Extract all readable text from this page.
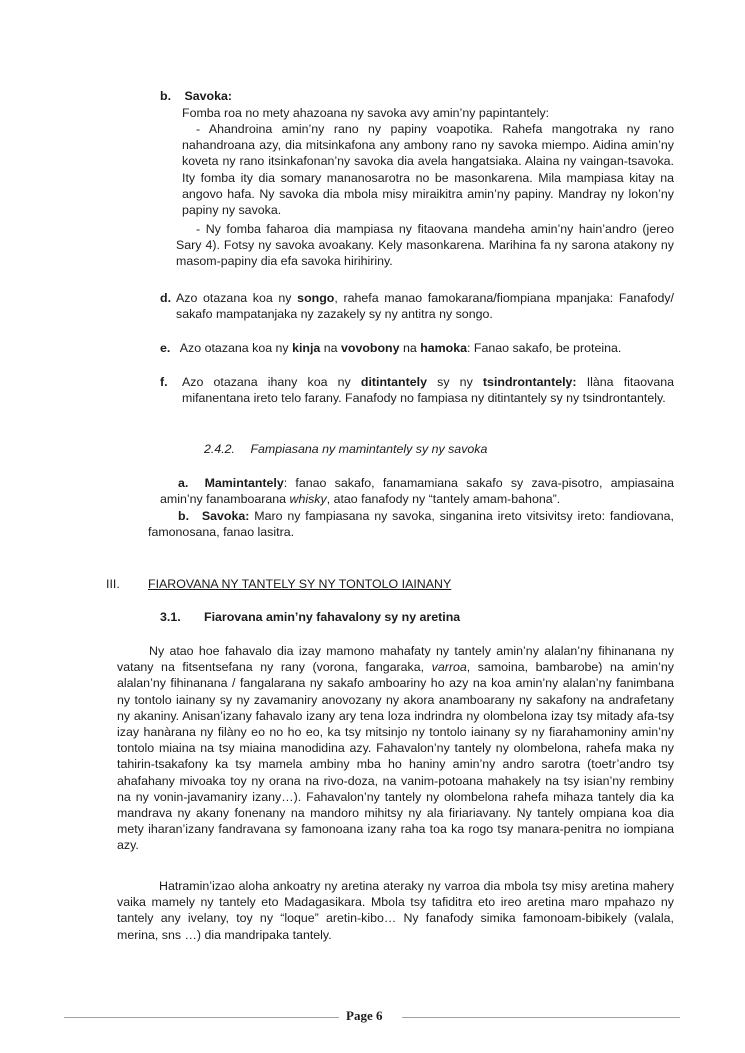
b. Savoka:
Fomba roa no mety ahazoana ny savoka avy amin’ny papintantely:
- Ahandroina amin’ny rano ny papiny voapotika. Rahefa mangotraka ny rano nahandroana azy, dia mitsinkafona any ambony rano ny savoka miempo. Aidina amin’ny koveta ny rano itsinkafonan’ny savoka dia avela hangatsiaka. Alaina ny vaingan-tsavoka. Ity fomba ity dia somary mananosarotra no be masonkarena. Mila mampiasa kitay na angovo hafa. Ny savoka dia mbola misy miraikitra amin’ny papiny. Mandray ny lokon’ny papiny ny savoka.
- Ny fomba faharoa dia mampiasa ny fitaovana mandeha amin’ny hain’andro (jereo Sary 4). Fotsy ny savoka avoakany. Kely masonkarena. Marihina fa ny sarona atakony ny masom-papiny dia efa savoka hirihiriny.
d. Azo otazana koa ny songo, rahefa manao famokarana/fiompiana mpanjaka: Fanafody/ sakafo mampatanjaka ny zazakely sy ny antitra ny songo.
e. Azo otazana koa ny kinja na vovobony na hamoka: Fanao sakafo, be proteina.
f.	Azo otazana ihany koa ny ditintantely sy ny tsindrontantely: Ilàna fitaovana mifanentana ireto telo farany. Fanafody no fampiasa ny ditintantely sy ny tsindrontantely.
2.4.2. Fampiasana ny mamintantely sy ny savoka
a. Mamintantely: fanao sakafo, fanamamiana sakafo sy zava-pisotro, ampiasaina amin’ny fanamboarana whisky, atao fanafody ny “tantely amam-bahona”.
b. Savoka: Maro ny fampiasana ny savoka, singanina ireto vitsivitsy ireto: fandiovana, famonosana, fanao lasitra.
III.	FIAROVANA NY TANTELY SY NY TONTOLO IAINANY
3.1.	Fiarovana amin’ny fahavalony sy ny aretina
Ny atao hoe fahavalo dia izay mamono mahafaty ny tantely amin’ny alalan’ny fihinanana ny vatany na fitsentsefana ny rany (vorona, fangaraka, varroa, samoina, bambarobe) na amin’ny alalan’ny fihinanana / fangalarana ny sakafo amboariny ho azy na koa amin’ny alalan’ny fanimbana ny tontolo iainany sy ny zavamaniry anovozany ny akora anamboarany ny sakafony na andrafetany ny akaniny. Anisan’izany fahavalo izany ary tena loza indrindra ny olombelona izay tsy mitady afa-tsy izay hanàrana ny filàny eo no ho eo, ka tsy mitsinjo ny tontolo iainany sy ny fiarahamoniny amin’ny tontolo miaina na tsy miaina manodidina azy. Fahavalon’ny tantely ny olombelona, rahefa maka ny tahirin-tsakafony ka tsy mamela ambiny mba ho haniny amin’ny andro sarotra (toetr’andro tsy ahafahany mivoaka toy ny orana na rivo-doza, na vanim-potoana mahakely na tsy isian’ny rembiny na ny vonin-javamaniry izany…). Fahavalon’ny tantely ny olombelona rahefa mihaza tantely dia ka mandrava ny akany fonenany na mandoro mihitsy ny ala firiariavany. Ny tantely ompiana koa dia mety iharan’izany fandravana sy famonoana izany raha toa ka rogo tsy manara-penitra no iompiana azy.
Hatramin’izao aloha ankoatry ny aretina ateraky ny varroa dia mbola tsy misy aretina mahery vaika mamely ny tantely eto Madagasikara. Mbola tsy tafiditra eto ireo aretina maro mpahazo ny tantely any ivelany, toy ny “loque” aretin-kibo… Ny fanafody simika famonoam-bibikely (valala, merina, sns …) dia mandripaka tantely.
Page 6
